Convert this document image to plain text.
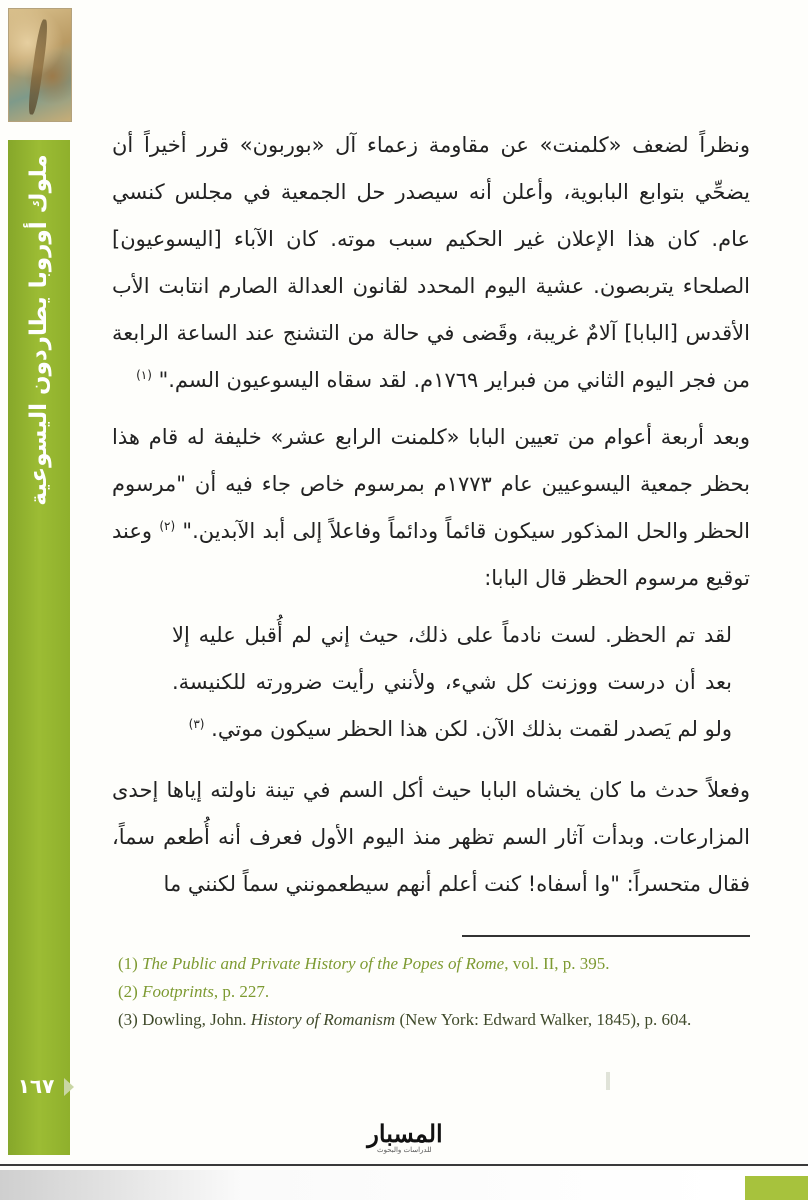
ملوك أوروبا يطاردون اليسوعية
١٦٧

ونظراً لضعف «كلمنت» عن مقاومة زعماء آل «بوربون» قرر أخيراً أن يضحِّي بتوابع البابوية، وأعلن أنه سيصدر حل الجمعية في مجلس كنسي عام. كان هذا الإعلان غير الحكيم سبب موته. كان الآباء [اليسوعيون] الصلحاء يتربصون. عشية اليوم المحدد لقانون العدالة الصارم انتابت الأب الأقدس [البابا] آلامٌ غريبة، وقَضى في حالة من التشنج عند الساعة الرابعة من فجر اليوم الثاني من فبراير ١٧٦٩م. لقد سقاه اليسوعيون السم." $^{(١)}$

وبعد أربعة أعوام من تعيين البابا «كلمنت الرابع عشر» خليفة له قام هذا بحظر جمعية اليسوعيين عام ١٧٧٣م بمرسوم خاص جاء فيه أن "مرسوم الحظر والحل المذكور سيكون قائماً ودائماً وفاعلاً إلى أبد الآبدين." $^{(٢)}$ وعند توقيع مرسوم الحظر قال البابا:

لقد تم الحظر. لست نادماً على ذلك، حيث إني لم أُقبل عليه إلا بعد أن درست ووزنت كل شيء، ولأنني رأيت ضرورته للكنيسة. ولو لم يَصدر لقمت بذلك الآن. لكن هذا الحظر سيكون موتي. $^{(٣)}$

وفعلاً حدث ما كان يخشاه البابا حيث أكل السم في تينة ناولته إياها إحدى المزارعات. وبدأت آثار السم تظهر منذ اليوم الأول فعرف أنه أُطعم سماً، فقال متحسراً: "وا أسفاه! كنت أعلم أنهم سيطعمونني سماً لكنني ما

(1) The Public and Private History of the Popes of Rome, vol. II, p. 395.

(2) Footprints, p. 227.

(3) Dowling, John. History of Romanism (New York: Edward Walker, 1845), p. 604.

المسبار
للدراسات والبحوث
